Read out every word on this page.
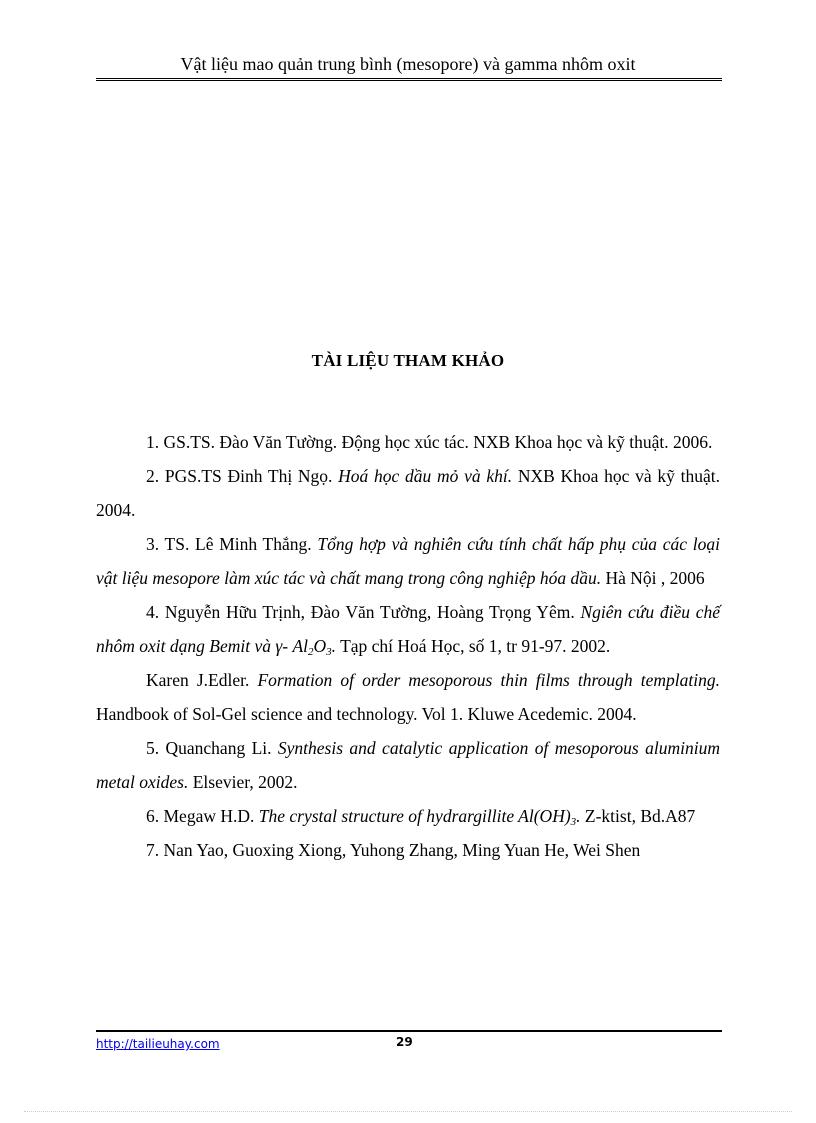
Vật liệu mao quản trung bình (mesopore) và gamma nhôm oxit
TÀI LIỆU THAM KHẢO

1. GS.TS. Đào Văn Tường. Động học xúc tác. NXB Khoa học và kỹ thuật. 2006.

2. PGS.TS Đinh Thị Ngọ. Hoá học dầu mỏ và khí. NXB Khoa học và kỹ thuật. 2004.

3. TS. Lê Minh Thắng. Tổng hợp và nghiên cứu tính chất hấp phụ của các loại vật liệu mesopore làm xúc tác và chất mang trong công nghiệp hóa dầu. Hà Nội , 2006

4. Nguyễn Hữu Trịnh, Đào Văn Tường, Hoàng Trọng Yêm. Ngiên cứu điều chế nhôm oxit dạng Bemit và γ- $Al_2O_3$. Tạp chí Hoá Học, số 1, tr 91-97. 2002.

Karen J.Edler. Formation of order mesoporous thin films through templating. Handbook of Sol-Gel science and technology. Vol 1. Kluwe Acedemic. 2004.

5. Quanchang Li. Synthesis and catalytic application of mesoporous aluminium metal oxides. Elsevier, 2002.

6. Megaw H.D. The crystal structure of hydrargillite $Al(OH)_3$. Z-ktist, Bd.A87

7. Nan Yao, Guoxing Xiong, Yuhong Zhang, Ming Yuan He, Wei Shen

http://tailieuhay.com	29
